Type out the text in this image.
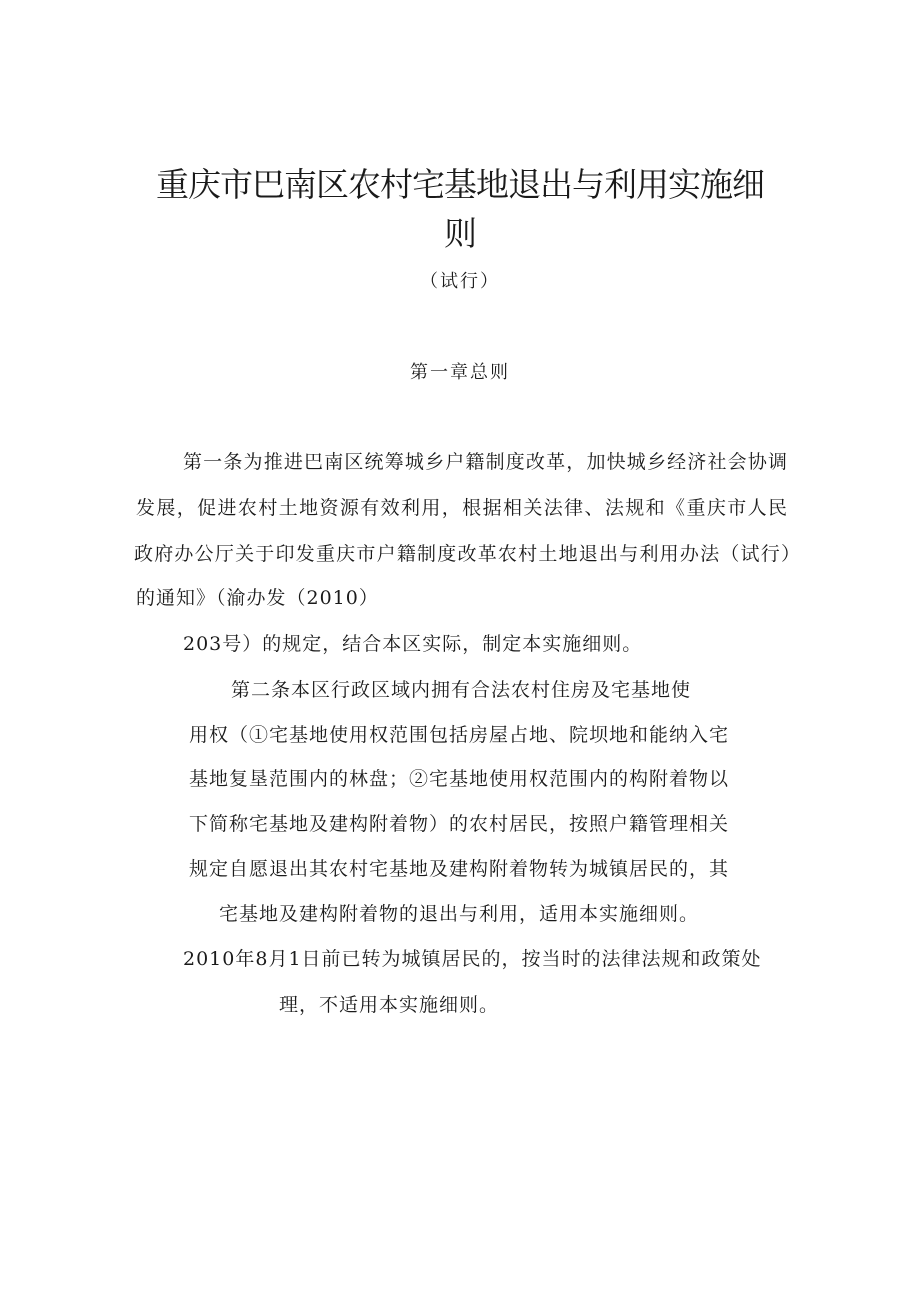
重庆市巴南区农村宅基地退出与利用实施细
则
（试行）
第一章总则
第一条为推进巴南区统筹城乡户籍制度改革，加快城乡经济社会协调
发展，促进农村土地资源有效利用，根据相关法律、法规和《重庆市人民
政府办公厅关于印发重庆市户籍制度改革农村土地退出与利用办法（试行）
的通知》（渝办发（2010）
203号）的规定，结合本区实际，制定本实施细则。
第二条本区行政区域内拥有合法农村住房及宅基地使
用权（①宅基地使用权范围包括房屋占地、院坝地和能纳入宅
基地复垦范围内的林盘；②宅基地使用权范围内的构附着物以
下简称宅基地及建构附着物）的农村居民，按照户籍管理相关
规定自愿退出其农村宅基地及建构附着物转为城镇居民的，其
宅基地及建构附着物的退出与利用，适用本实施细则。
2010年8月1日前已转为城镇居民的，按当时的法律法规和政策处
理，不适用本实施细则。
